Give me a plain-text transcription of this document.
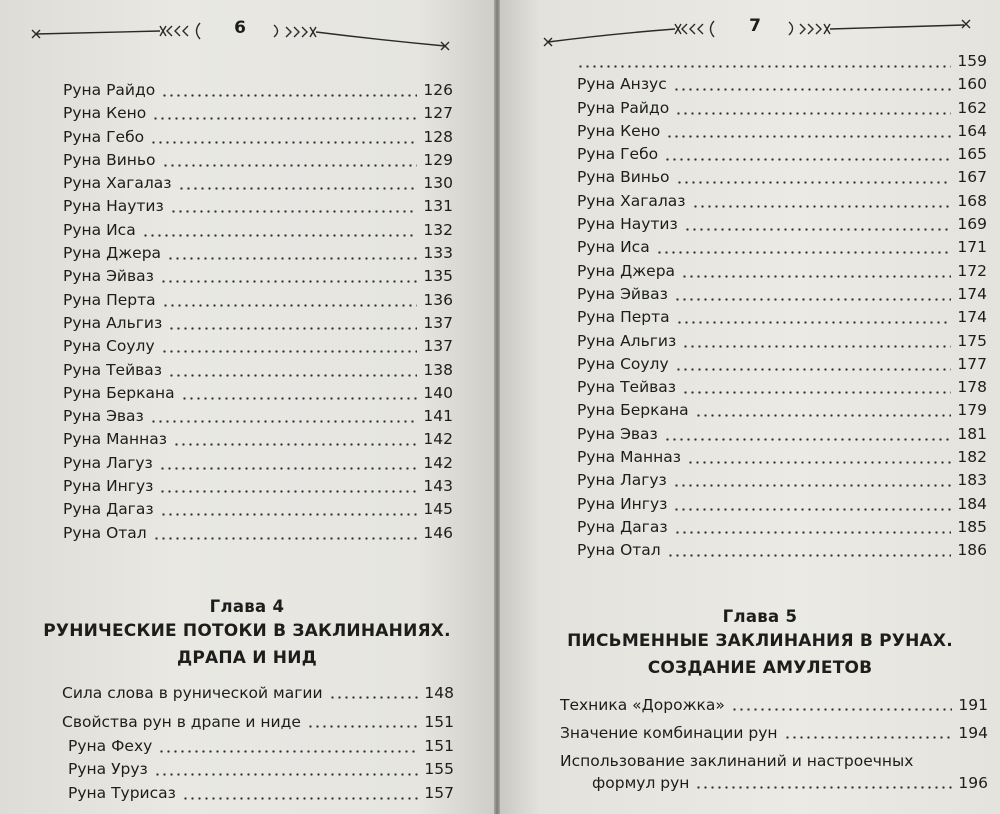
6
Руна Райдо	126
Руна Кено	127
Руна Гебо	128
Руна Виньо	129
Руна Хагалаз	130
Руна Наутиз	131
Руна Иса	132
Руна Джера	133
Руна Эйваз	135
Руна Перта	136
Руна Альгиз	137
Руна Соулу	137
Руна Тейваз	138
Руна Беркана	140
Руна Эваз	141
Руна Манназ	142
Руна Лагуз	142
Руна Ингуз	143
Руна Дагаз	145
Руна Отал	146
Глава 4
РУНИЧЕСКИЕ ПОТОКИ В ЗАКЛИНАНИЯХ.
ДРАПА И НИД
Сила слова в рунической магии	148
Свойства рун в драпе и ниде	151
Руна Феху	151
Руна Уруз	155
Руна Турисаз	157
7
159
Руна Анзус	160
Руна Райдо	162
Руна Кено	164
Руна Гебо	165
Руна Виньо	167
Руна Хагалаз	168
Руна Наутиз	169
Руна Иса	171
Руна Джера	172
Руна Эйваз	174
Руна Перта	174
Руна Альгиз	175
Руна Соулу	177
Руна Тейваз	178
Руна Беркана	179
Руна Эваз	181
Руна Манназ	182
Руна Лагуз	183
Руна Ингуз	184
Руна Дагаз	185
Руна Отал	186
Глава 5
ПИСЬМЕННЫЕ ЗАКЛИНАНИЯ В РУНАХ.
СОЗДАНИЕ АМУЛЕТОВ
Техника «Дорожка»	191
Значение комбинации рун	194
Использование заклинаний и настроечных
формул рун	196
